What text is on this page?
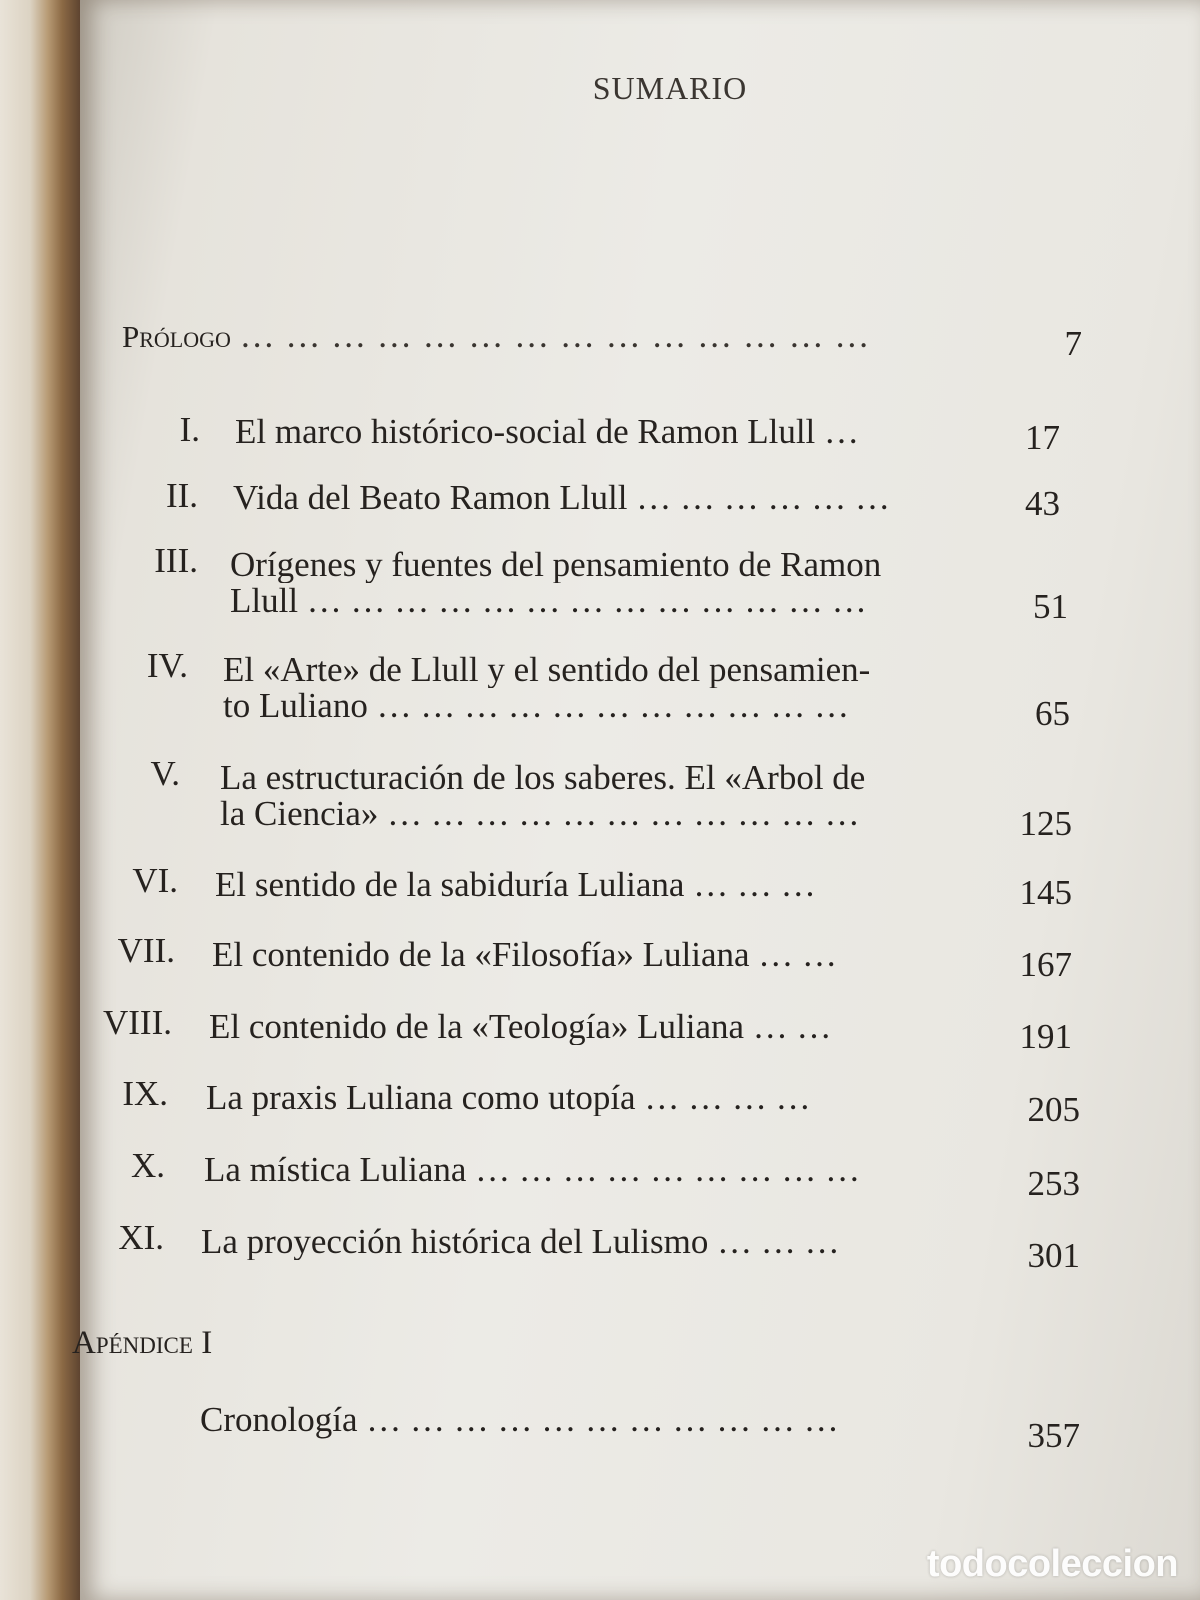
SUMARIO
Prólogo … … … … … … … … … … … … … …	7
I. El marco histórico-social de Ramon Llull …	17
II. Vida del Beato Ramon Llull … … … … … …	43
III. Orígenes y fuentes del pensamiento de Ramon
Llull … … … … … … … … … … … … …	51
IV. El «Arte» de Llull y el sentido del pensamien-
to Luliano … … … … … … … … … … …	65
V. La estructuración de los saberes. El «Arbol de
la Ciencia» … … … … … … … … … … …	125
VI. El sentido de la sabiduría Luliana … … …	145
VII. El contenido de la «Filosofía» Luliana … …	167
VIII. El contenido de la «Teología» Luliana … …	191
IX. La praxis Luliana como utopía … … … …	205
X. La mística Luliana … … … … … … … … …	253
XI. La proyección histórica del Lulismo … … …	301
Apéndice I
Cronología … … … … … … … … … … …	357
todocoleccion
